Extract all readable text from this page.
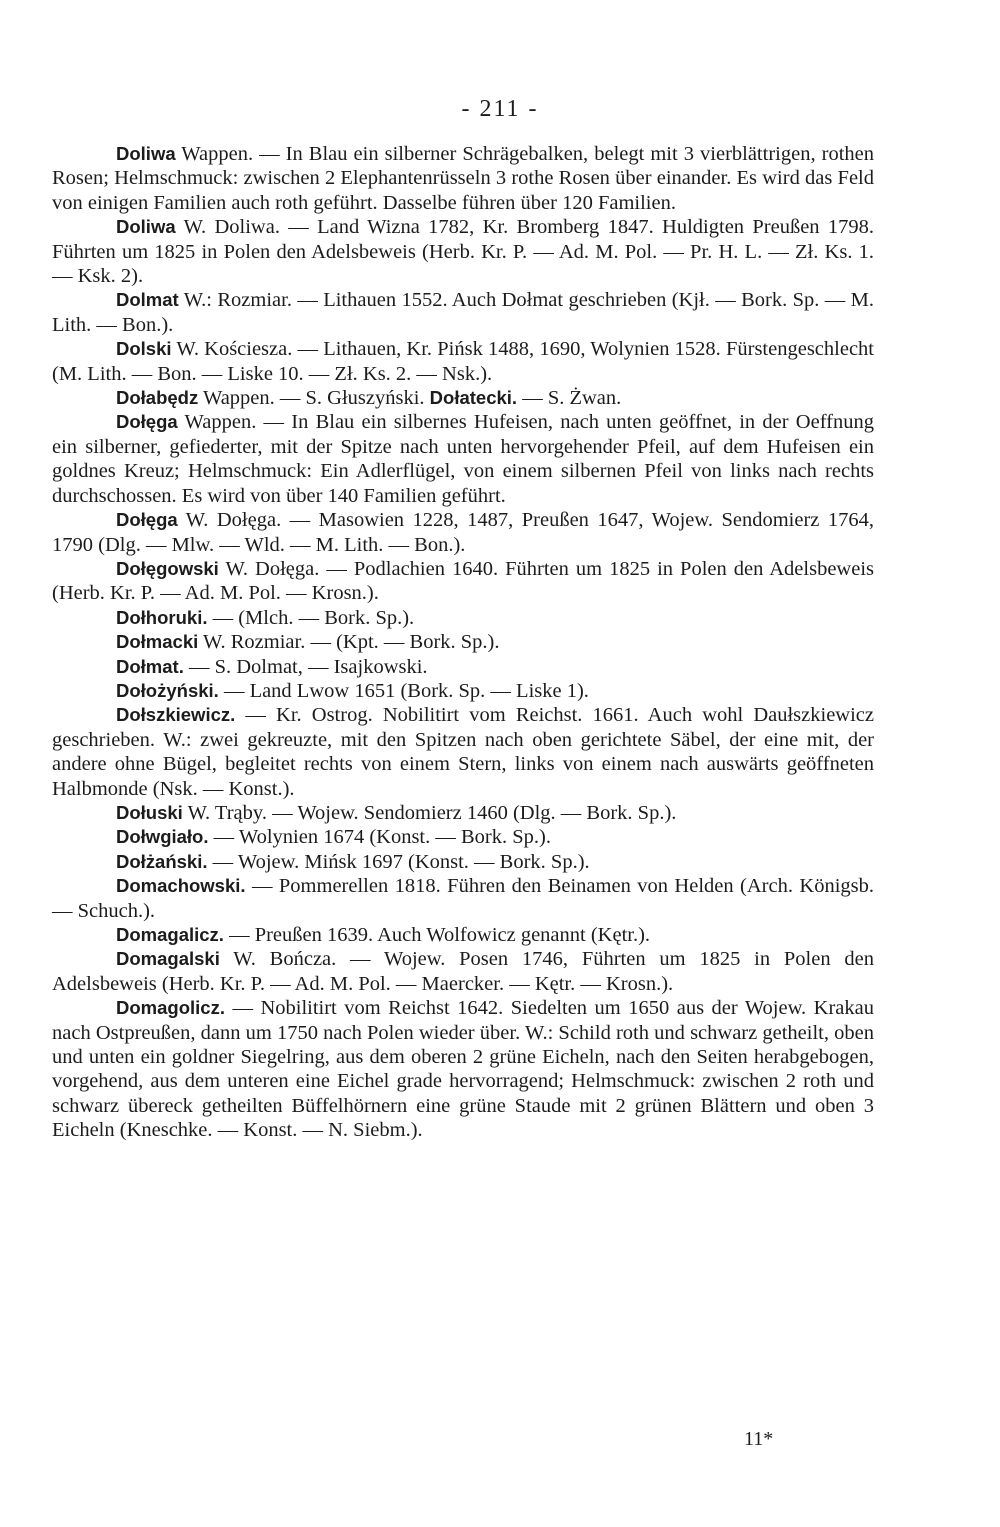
- 211 -

Doliwa Wappen. — In Blau ein silberner Schrägebalken, belegt mit 3 vierblättrigen, rothen Rosen; Helmschmuck: zwischen 2 Elephantenrüsseln 3 rothe Rosen über einander. Es wird das Feld von einigen Familien auch roth geführt. Dasselbe führen über 120 Familien.

Doliwa W. Doliwa. — Land Wizna 1782, Kr. Bromberg 1847. Huldigten Preußen 1798. Führten um 1825 in Polen den Adelsbeweis (Herb. Kr. P. — Ad. M. Pol. — Pr. H. L. — Zł. Ks. 1. — Ksk. 2).

Dolmat W.: Rozmiar. — Lithauen 1552. Auch Dołmat geschrieben (Kjł. — Bork. Sp. — M. Lith. — Bon.).

Dolski W. Kościesza. — Lithauen, Kr. Pińsk 1488, 1690, Wolynien 1528. Fürstengeschlecht (M. Lith. — Bon. — Liske 10. — Zł. Ks. 2. — Nsk.).

Dołabędz Wappen. — S. Głuszyński. Dołatecki. — S. Żwan.

Dołęga Wappen. — In Blau ein silbernes Hufeisen, nach unten geöffnet, in der Oeffnung ein silberner, gefiederter, mit der Spitze nach unten hervorgehender Pfeil, auf dem Hufeisen ein goldnes Kreuz; Helmschmuck: Ein Adlerflügel, von einem silbernen Pfeil von links nach rechts durchschossen. Es wird von über 140 Familien geführt.

Dołęga W. Dołęga. — Masowien 1228, 1487, Preußen 1647, Wojew. Sendomierz 1764, 1790 (Dlg. — Mlw. — Wld. — M. Lith. — Bon.).

Dołęgowski W. Dołęga. — Podlachien 1640. Führten um 1825 in Polen den Adelsbeweis (Herb. Kr. P. — Ad. M. Pol. — Krosn.).

Dołhoruki. — (Mlch. — Bork. Sp.).

Dołmacki W. Rozmiar. — (Kpt. — Bork. Sp.).

Dołmat. — S. Dolmat, — Isajkowski.

Dołożyński. — Land Lwow 1651 (Bork. Sp. — Liske 1).

Dołszkiewicz. — Kr. Ostrog. Nobilitirt vom Reichst. 1661. Auch wohl Daułszkiewicz geschrieben. W.: zwei gekreuzte, mit den Spitzen nach oben gerichtete Säbel, der eine mit, der andere ohne Bügel, begleitet rechts von einem Stern, links von einem nach auswärts geöffneten Halbmonde (Nsk. — Konst.).

Dołuski W. Trąby. — Wojew. Sendomierz 1460 (Dlg. — Bork. Sp.).

Dołwgiało. — Wolynien 1674 (Konst. — Bork. Sp.).

Dołżański. — Wojew. Mińsk 1697 (Konst. — Bork. Sp.).

Domachowski. — Pommerellen 1818. Führen den Beinamen von Helden (Arch. Königsb. — Schuch.).

Domagalicz. — Preußen 1639. Auch Wolfowicz genannt (Kętr.).

Domagalski W. Bończa. — Wojew. Posen 1746, Führten um 1825 in Polen den Adelsbeweis (Herb. Kr. P. — Ad. M. Pol. — Maercker. — Kętr. — Krosn.).

Domagolicz. — Nobilitirt vom Reichst 1642. Siedelten um 1650 aus der Wojew. Krakau nach Ostpreußen, dann um 1750 nach Polen wieder über. W.: Schild roth und schwarz getheilt, oben und unten ein goldner Siegelring, aus dem oberen 2 grüne Eicheln, nach den Seiten herabgebogen, vorgehend, aus dem unteren eine Eichel grade hervorragend; Helmschmuck: zwischen 2 roth und schwarz übereck getheilten Büffelhörnern eine grüne Staude mit 2 grünen Blättern und oben 3 Eicheln (Kneschke. — Konst. — N. Siebm.).

11*
